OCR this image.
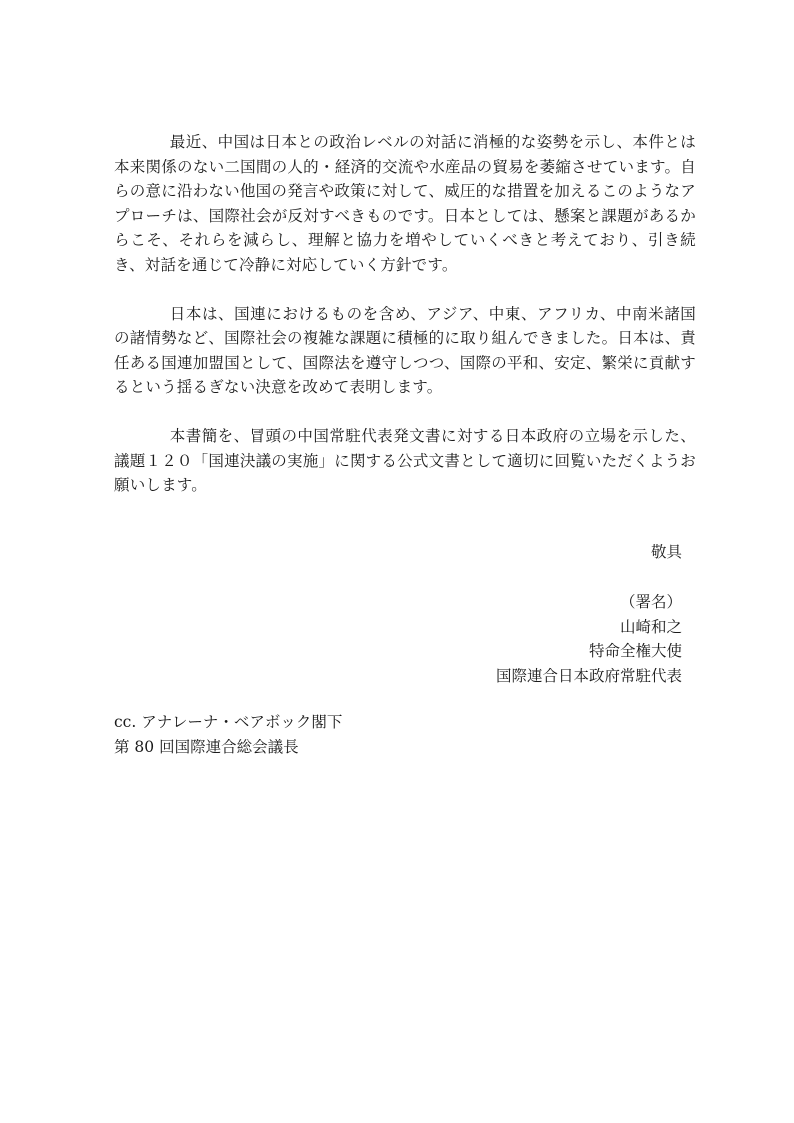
最近、中国は日本との政治レベルの対話に消極的な姿勢を示し、本件とは本来関係のない二国間の人的・経済的交流や水産品の貿易を萎縮させています。自らの意に沿わない他国の発言や政策に対して、威圧的な措置を加えるこのようなアプローチは、国際社会が反対すべきものです。日本としては、懸案と課題があるからこそ、それらを減らし、理解と協力を増やしていくべきと考えており、引き続き、対話を通じて冷静に対応していく方針です。

日本は、国連におけるものを含め、アジア、中東、アフリカ、中南米諸国の諸情勢など、国際社会の複雑な課題に積極的に取り組んできました。日本は、責任ある国連加盟国として、国際法を遵守しつつ、国際の平和、安定、繁栄に貢献するという揺るぎない決意を改めて表明します。

本書簡を、冒頭の中国常駐代表発文書に対する日本政府の立場を示した、議題１２０「国連決議の実施」に関する公式文書として適切に回覧いただくようお願いします。

敬具

（署名）
山崎和之
特命全権大使
国際連合日本政府常駐代表
cc. アナレーナ・ベアボック閣下
第 80 回国際連合総会議長
